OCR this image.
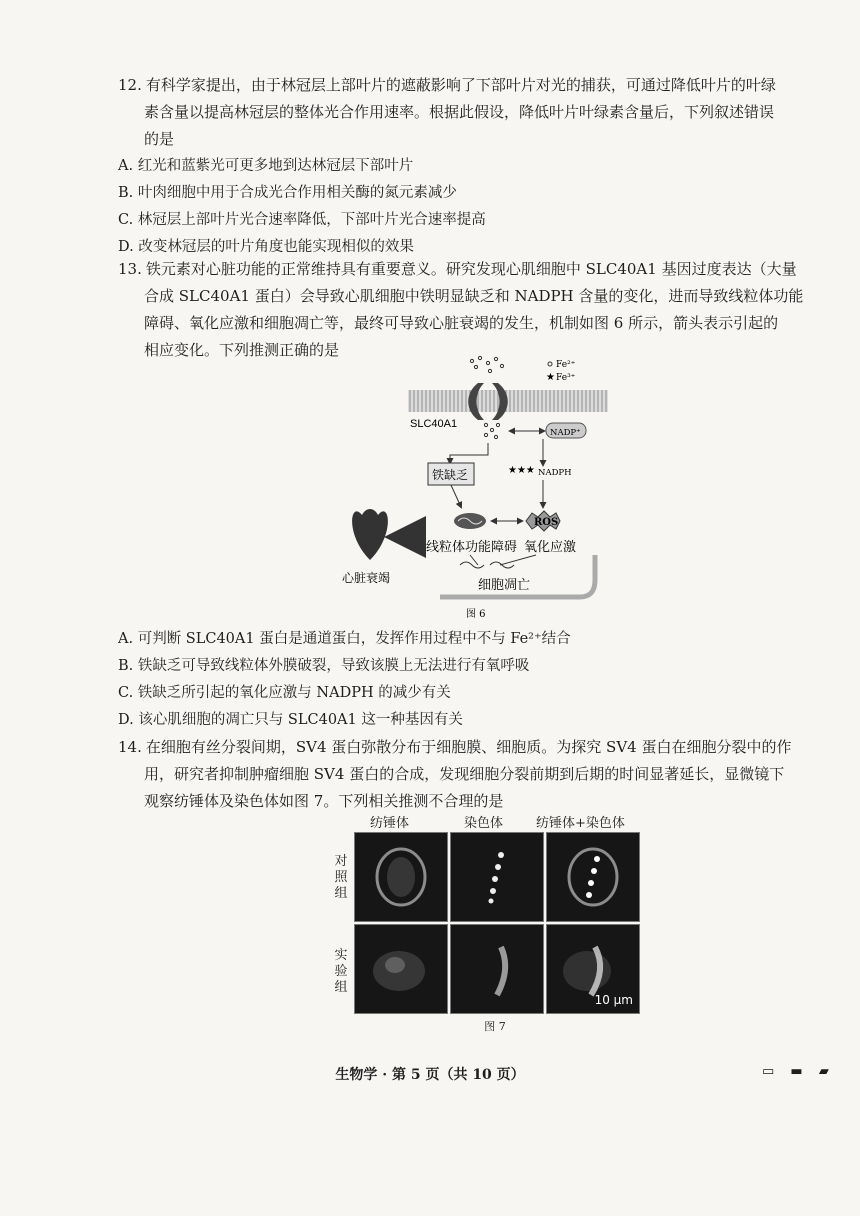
12. 有科学家提出，由于林冠层上部叶片的遮蔽影响了下部叶片对光的捕获，可通过降低叶片的叶绿

素含量以提高林冠层的整体光合作用速率。根据此假设，降低叶片叶绿素含量后，下列叙述错误

的是

A. 红光和蓝紫光可更多地到达林冠层下部叶片

B. 叶肉细胞中用于合成光合作用相关酶的氮元素减少

C. 林冠层上部叶片光合速率降低，下部叶片光合速率提高

D. 改变林冠层的叶片角度也能实现相似的效果

13. 铁元素对心脏功能的正常维持具有重要意义。研究发现心肌细胞中 SLC40A1 基因过度表达（大量

合成 SLC40A1 蛋白）会导致心肌细胞中铁明显缺乏和 NADPH 含量的变化，进而导致线粒体功能

障碍、氧化应激和细胞凋亡等，最终可导致心脏衰竭的发生，机制如图 6 所示，箭头表示引起的

相应变化。下列推测正确的是

Fe²⁺
★ Fe³⁺
SLC40A1
NADP⁺
★★★ NADPH
铁缺乏
ROS
线粒体功能障碍 氧化应激
心脏衰竭	细胞凋亡
图 6

A. 可判断 SLC40A1 蛋白是通道蛋白，发挥作用过程中不与 Fe²⁺结合

B. 铁缺乏可导致线粒体外膜破裂，导致该膜上无法进行有氧呼吸

C. 铁缺乏所引起的氧化应激与 NADPH 的减少有关

D. 该心肌细胞的凋亡只与 SLC40A1 这一种基因有关

14. 在细胞有丝分裂间期，SV4 蛋白弥散分布于细胞膜、细胞质。为探究 SV4 蛋白在细胞分裂中的作

用，研究者抑制肿瘤细胞 SV4 蛋白的合成，发现细胞分裂前期到后期的时间显著延长，显微镜下

观察纺锤体及染色体如图 7。下列相关推测不合理的是

纺锤体	染色体	纺锤体+染色体
对照组
实验组
10 μm
图 7
生物学 · 第 5 页（共 10 页）	▭ ▬ ▰
